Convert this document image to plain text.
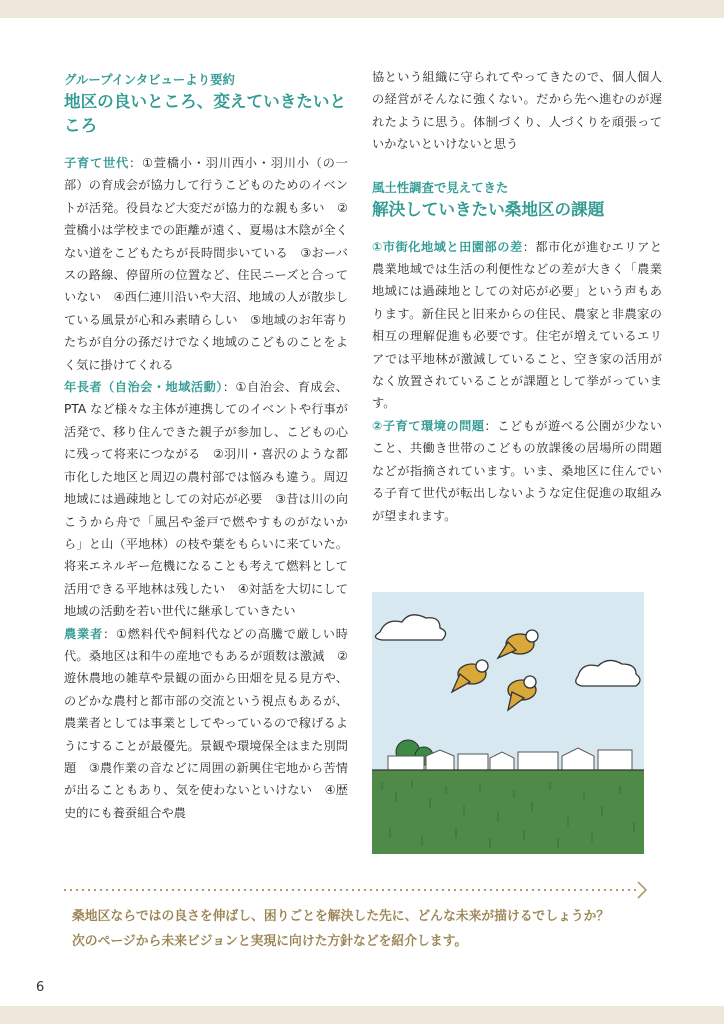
グループインタビューより要約
地区の良いところ、変えていきたいところ

子育て世代：①萱橋小・羽川西小・羽川小（の一部）の育成会が協力して行うこどものためのイベントが活発。役員など大変だが協力的な親も多い　②萱橋小は学校までの距離が遠く、夏場は木陰が全くない道をこどもたちが長時間歩いている　③おーバスの路線、停留所の位置など、住民ニーズと合っていない　④西仁連川沿いや大沼、地域の人が散歩している風景が心和み素晴らしい　⑤地域のお年寄りたちが自分の孫だけでなく地域のこどものことをよく気に掛けてくれる

年長者（自治会・地域活動）：①自治会、育成会、PTA など様々な主体が連携してのイベントや行事が活発で、移り住んできた親子が参加し、こどもの心に残って将来につながる　②羽川・喜沢のような都市化した地区と周辺の農村部では悩みも違う。周辺地域には過疎地としての対応が必要　③昔は川の向こうから舟で「風呂や釜戸で燃やすものがないから」と山（平地林）の枝や葉をもらいに来ていた。将来エネルギー危機になることも考えて燃料として活用できる平地林は残したい　④対話を大切にして地域の活動を若い世代に継承していきたい

農業者：①燃料代や飼料代などの高騰で厳しい時代。桑地区は和牛の産地でもあるが頭数は激減　②遊休農地の雑草や景観の面から田畑を見る見方や、のどかな農村と都市部の交流という視点もあるが、農業者としては事業としてやっているので稼げるようにすることが最優先。景観や環境保全はまた別問題　③農作業の音などに周囲の新興住宅地から苦情が出ることもあり、気を使わないといけない　④歴史的にも養蚕組合や農

協という組織に守られてやってきたので、個人個人の経営がそんなに強くない。だから先へ進むのが遅れたように思う。体制づくり、人づくりを頑張っていかないといけないと思う

風土性調査で見えてきた
解決していきたい桑地区の課題

①市街化地域と田園部の差：都市化が進むエリアと農業地域では生活の利便性などの差が大きく「農業地域には過疎地としての対応が必要」という声もあります。新住民と旧来からの住民、農家と非農家の相互の理解促進も必要です。住宅が増えているエリアでは平地林が激減していること、空き家の活用がなく放置されていることが課題として挙がっています。

②子育て環境の問題：こどもが遊べる公園が少ないこと、共働き世帯のこどもの放課後の居場所の問題などが指摘されています。いま、桑地区に住んでいる子育て世代が転出しないような定住促進の取組みが望まれます。

桑地区ならではの良さを伸ばし、困りごとを解決した先に、どんな未来が描けるでしょうか？
次のページから未来ビジョンと実現に向けた方針などを紹介します。
6
